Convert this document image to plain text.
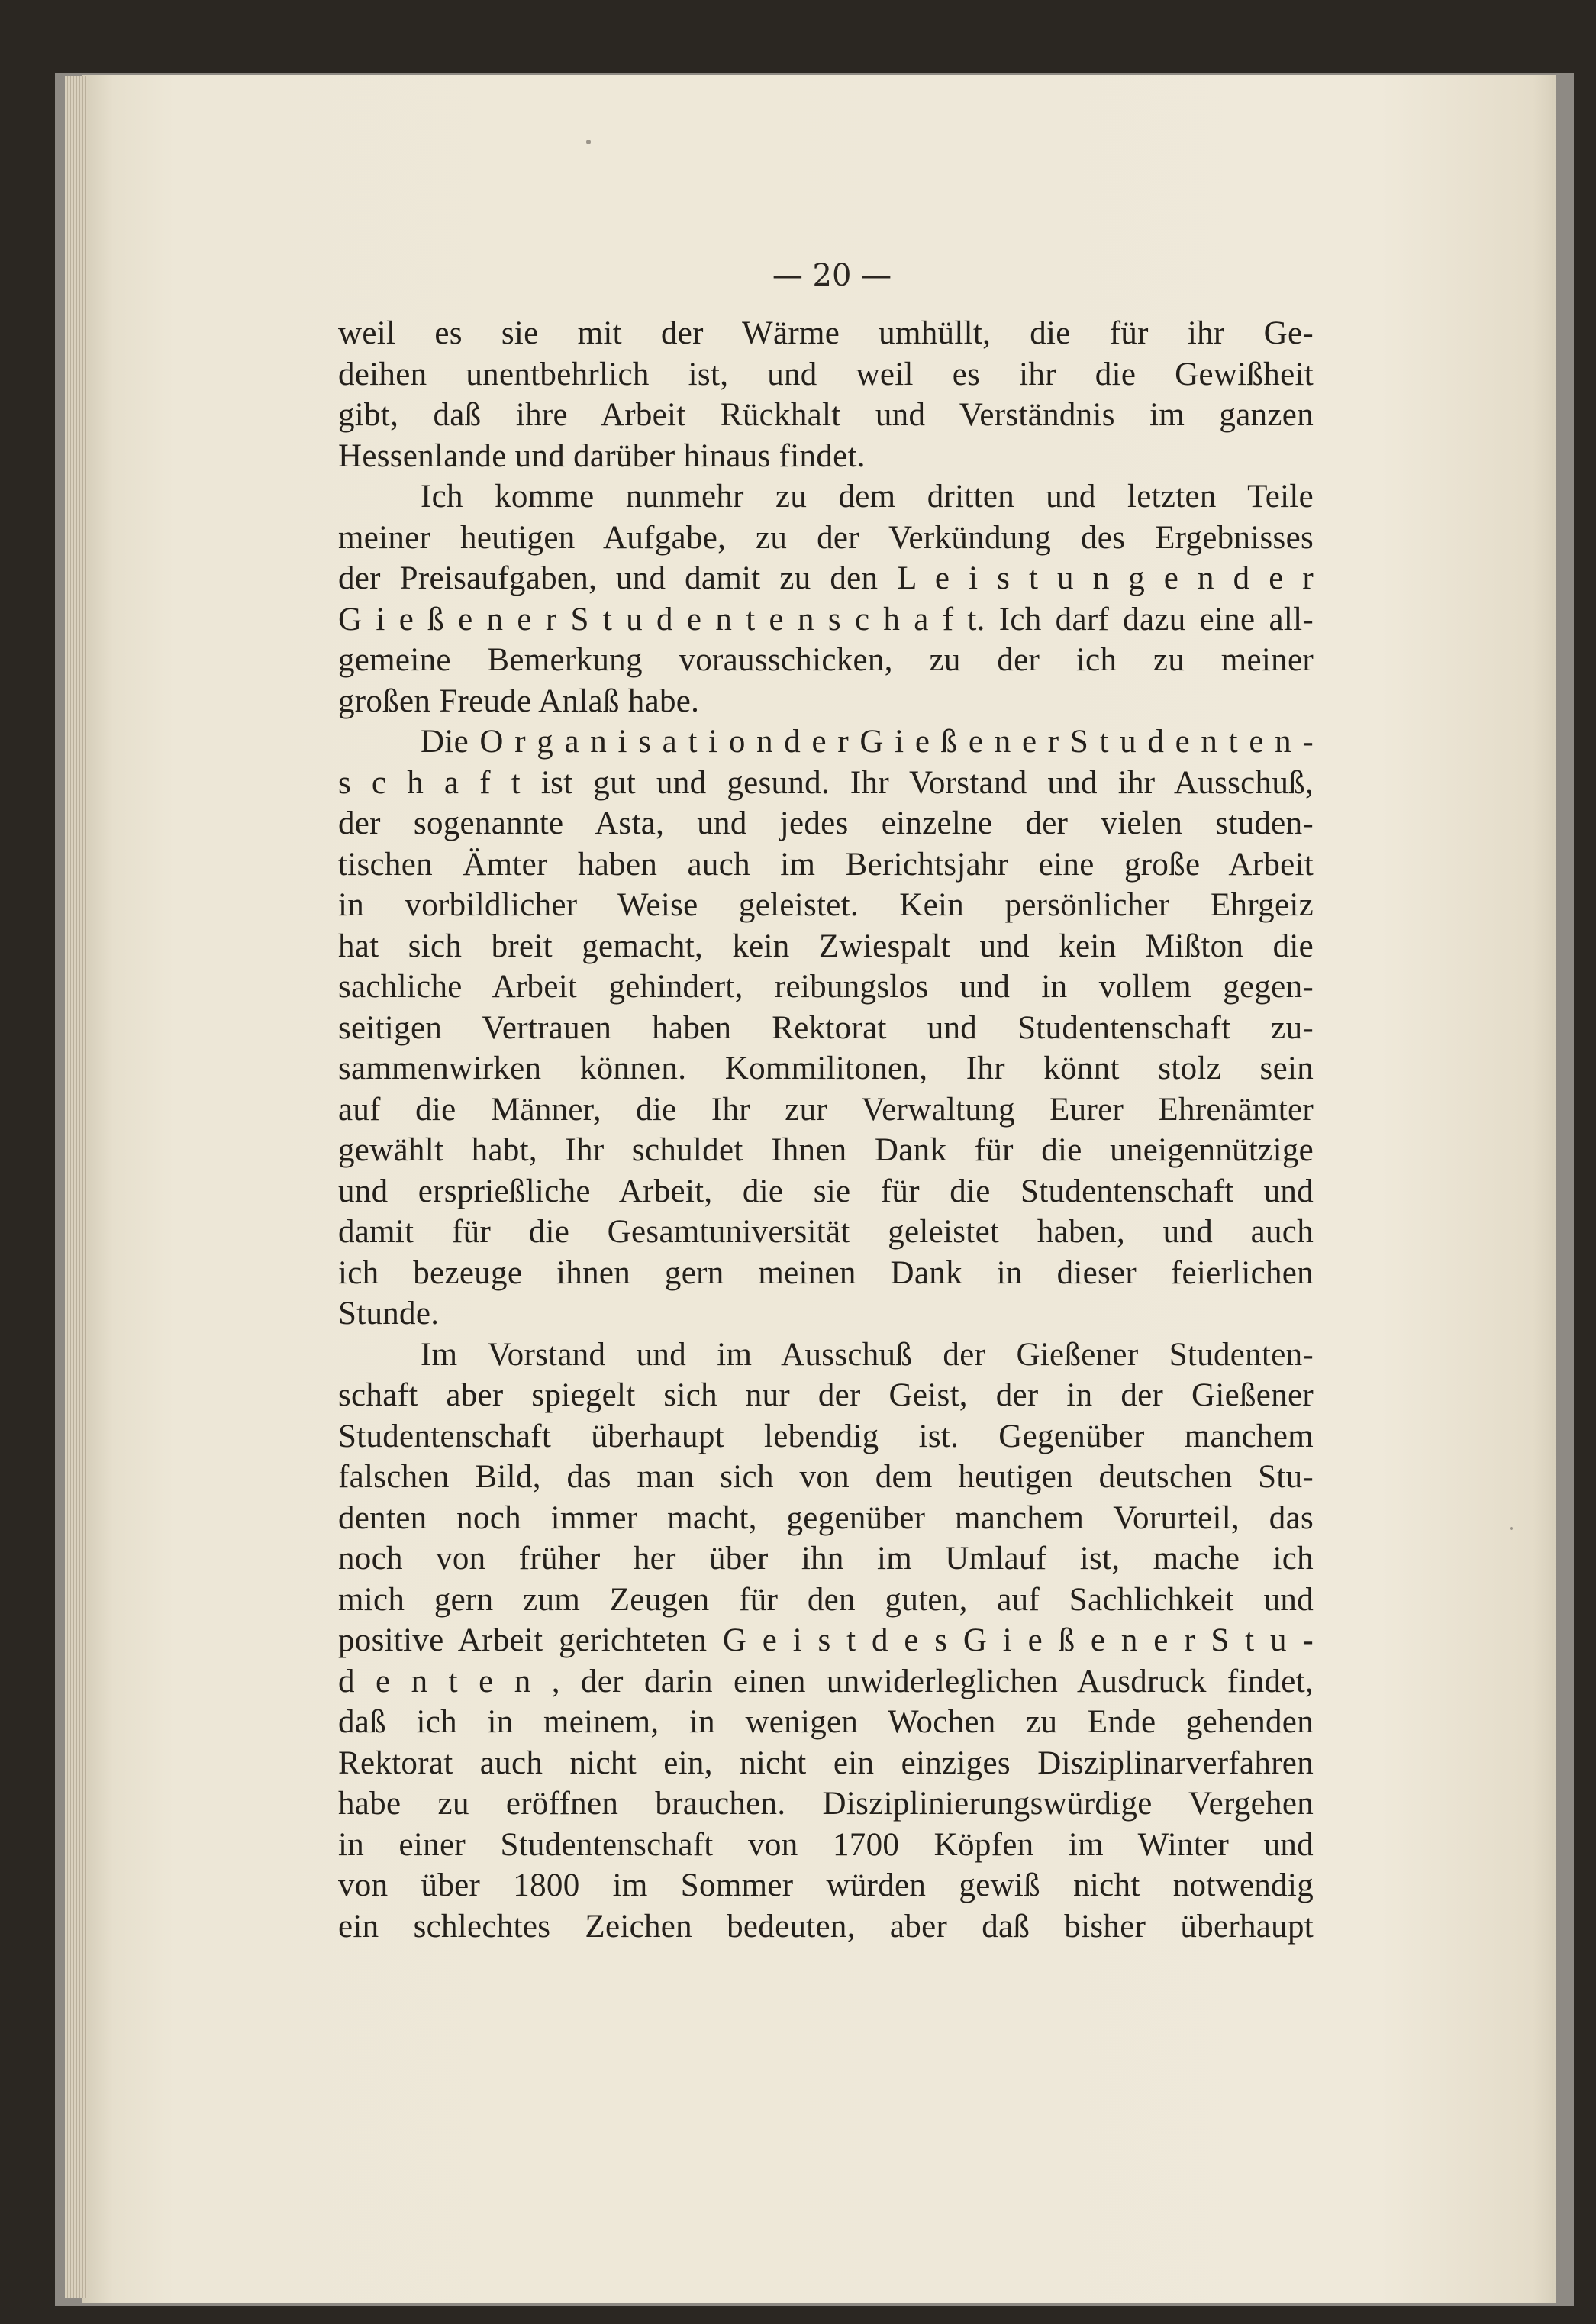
— 20 —
weil es sie mit der Wärme umhüllt, die für ihr Ge-
deihen unentbehrlich ist, und weil es ihr die Gewißheit
gibt, daß ihre Arbeit Rückhalt und Verständnis im ganzen
Hessenlande und darüber hinaus findet.
Ich komme nunmehr zu dem dritten und letzten Teile
meiner heutigen Aufgabe, zu der Verkündung des Ergebnisses
der Preisaufgaben, und damit zu den L e i s t u n g e n d e r
G i e ß e n e r S t u d e n t e n s c h a f t. Ich darf dazu eine all-
gemeine Bemerkung vorausschicken, zu der ich zu meiner
großen Freude Anlaß habe.
Die O r g a n i s a t i o n d e r G i e ß e n e r S t u d e n t e n -
s c h a f t ist gut und gesund. Ihr Vorstand und ihr Ausschuß,
der sogenannte Asta, und jedes einzelne der vielen studen-
tischen Ämter haben auch im Berichtsjahr eine große Arbeit
in vorbildlicher Weise geleistet. Kein persönlicher Ehrgeiz
hat sich breit gemacht, kein Zwiespalt und kein Mißton die
sachliche Arbeit gehindert, reibungslos und in vollem gegen-
seitigen Vertrauen haben Rektorat und Studentenschaft zu-
sammenwirken können. Kommilitonen, Ihr könnt stolz sein
auf die Männer, die Ihr zur Verwaltung Eurer Ehrenämter
gewählt habt, Ihr schuldet Ihnen Dank für die uneigennützige
und ersprießliche Arbeit, die sie für die Studentenschaft und
damit für die Gesamtuniversität geleistet haben, und auch
ich bezeuge ihnen gern meinen Dank in dieser feierlichen
Stunde.
Im Vorstand und im Ausschuß der Gießener Studenten-
schaft aber spiegelt sich nur der Geist, der in der Gießener
Studentenschaft überhaupt lebendig ist. Gegenüber manchem
falschen Bild, das man sich von dem heutigen deutschen Stu-
denten noch immer macht, gegenüber manchem Vorurteil, das
noch von früher her über ihn im Umlauf ist, mache ich
mich gern zum Zeugen für den guten, auf Sachlichkeit und
positive Arbeit gerichteten G e i s t d e s G i e ß e n e r S t u -
d e n t e n , der darin einen unwiderleglichen Ausdruck findet,
daß ich in meinem, in wenigen Wochen zu Ende gehenden
Rektorat auch nicht ein, nicht ein einziges Disziplinarverfahren
habe zu eröffnen brauchen. Disziplinierungswürdige Vergehen
in einer Studentenschaft von 1700 Köpfen im Winter und
von über 1800 im Sommer würden gewiß nicht notwendig
ein schlechtes Zeichen bedeuten, aber daß bisher überhaupt
